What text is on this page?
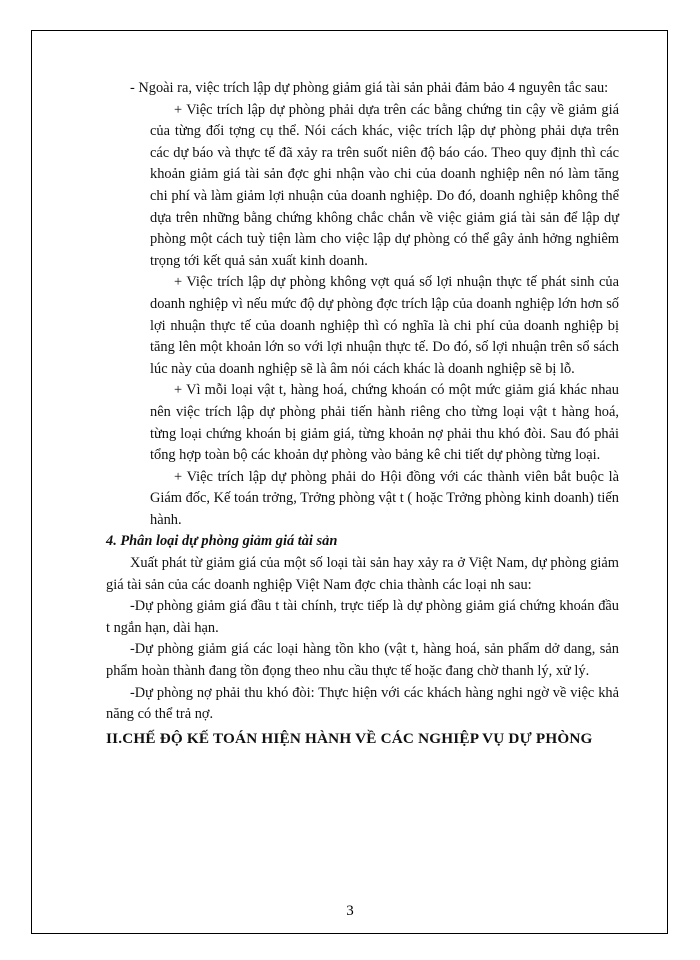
- Ngoài ra, việc trích lập dự phòng giảm giá tài sản phải đảm bảo 4 nguyên tắc sau:

+ Việc trích lập dự phòng phải dựa trên các bằng chứng tin cậy về giảm giá của từng đối tợng cụ thể. Nói cách khác, việc trích lập dự phòng phải dựa trên các dự báo và thực tế đã xảy ra trên suốt niên độ báo cáo. Theo quy định thì các khoản giảm giá tài sản đợc ghi nhận vào chi của doanh nghiệp nên nó làm tăng chi phí và làm giảm lợi nhuận của doanh nghiệp. Do đó, doanh nghiệp không thể dựa trên những bằng chứng không chắc chắn về việc giảm giá tài sản để lập dự phòng một cách tuỳ tiện làm cho việc lập dự phòng có thể gây ảnh hởng nghiêm trọng tới kết quả sản xuất kinh doanh.

+ Việc trích lập dự phòng không vợt quá số lợi nhuận thực tế phát sinh của doanh nghiệp vì nếu mức độ dự phòng đợc trích lập của doanh nghiệp lớn hơn số lợi nhuận thực tế của doanh nghiệp thì có nghĩa là chi phí của doanh nghiệp bị tăng lên một khoản lớn so với lợi nhuận thực tế. Do đó, số lợi nhuận trên sổ sách lúc này của doanh nghiệp sẽ là âm nói cách khác là doanh nghiệp sẽ bị lỗ.

+ Vì mỗi loại vật t, hàng hoá, chứng khoán có một mức giảm giá khác nhau nên việc trích lập dự phòng phải tiến hành riêng cho từng loại vật t hàng hoá, từng loại chứng khoán bị giảm giá, từng khoản nợ phải thu khó đòi. Sau đó phải tổng hợp toàn bộ các khoản dự phòng vào bảng kê chi tiết dự phòng từng loại.

+ Việc trích lập dự phòng phải do Hội đồng với các thành viên bắt buộc là Giám đốc, Kế toán trởng, Trởng phòng vật t ( hoặc Trởng phòng kinh doanh) tiến hành.

4. Phân loại dự phòng giảm giá tài sản

Xuất phát từ giảm giá của một số loại tài sản hay xảy ra ở Việt Nam, dự phòng giảm giá tài sản của các doanh nghiệp Việt Nam đợc chia thành các loại nh sau:

-Dự phòng giảm giá đầu t tài chính, trực tiếp là dự phòng giảm giá chứng khoán đầu t ngắn hạn, dài hạn.

-Dự phòng giảm giá các loại hàng tồn kho (vật t, hàng hoá, sản phẩm dở dang, sản phẩm hoàn thành đang tồn đọng theo nhu cầu thực tế hoặc đang chờ thanh lý, xử lý.

-Dự phòng nợ phải thu khó đòi: Thực hiện với các khách hàng nghi ngờ về việc khả năng có thể trả nợ.

II.CHẾ ĐỘ KẾ TOÁN HIỆN HÀNH VỀ CÁC NGHIỆP VỤ DỰ PHÒNG

3
